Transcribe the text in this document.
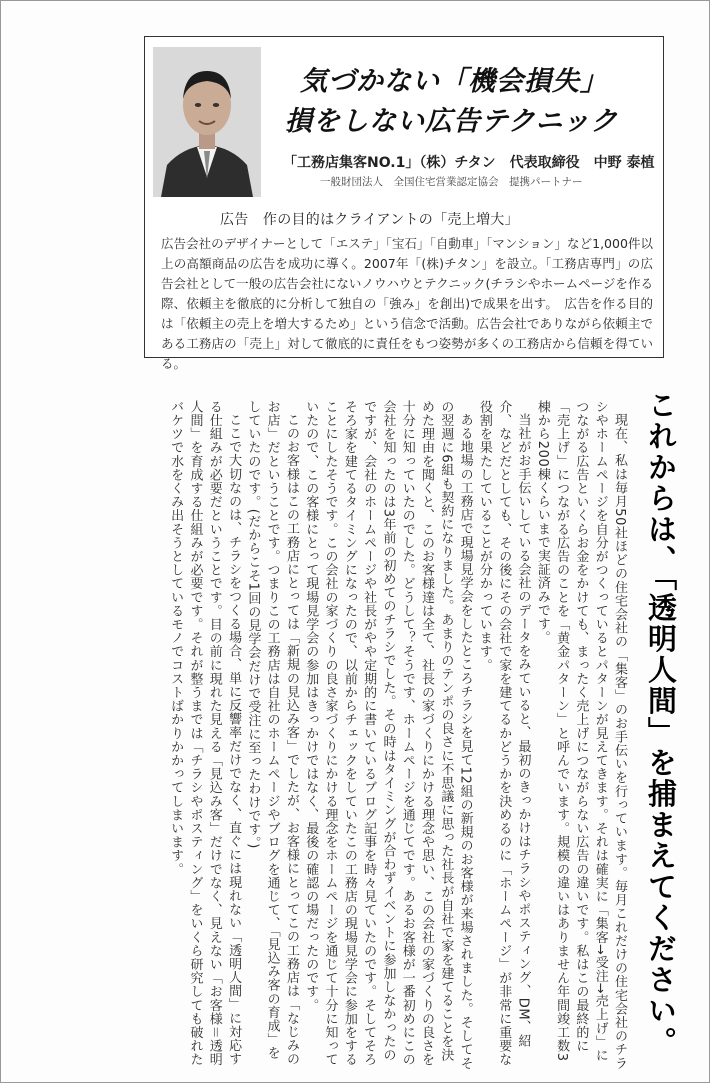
気づかない「機会損失」
損をしない広告テクニック
「工務店集客NO.1」（株）チタン　代表取締役　中野 泰植
一般財団法人　全国住宅営業認定協会　提携パートナー
広告　作の目的はクライアントの「売上増大」
広告会社のデザイナーとして「エステ」「宝石」「自動車」「マンション」など1,000件以上の高額商品の広告を成功に導く。2007年「(株)チタン」を設立。「工務店専門」の広告会社として一般の広告会社にないノウハウとテクニック(チラシやホームページを作る際、依頼主を徹底的に分析して独自の「強み」を創出)で成果を出す。　広告を作る目的は「依頼主の売上を増大するため」という信念で活動。広告会社でありながら依頼主である工務店の「売上」対して徹底的に責任をもつ姿勢が多くの工務店から信頼を得ている。
これからは、「透明人間」を捕まえてください。

現在、私は毎月50社ほどの住宅会社の「集客」のお手伝いを行っています。毎月これだけの住宅会社のチラシやホームページを自分がつくっているとパターンが見えてきます。それは確実に「集客→受注→売上げ」につながる広告といくらお金をかけても、まったく売上げにつながらない広告の違いです。私はこの最終的に「売上げ」につながる広告のことを「黄金パターン」と呼んでいます。規模の違いはありません年間竣工数3棟から200棟くらいまで実証済みです。

当社がお手伝いしている会社のデータをみていると、最初のきっかけはチラシやポスティング、DM、紹介、などだとしても、その後にその会社で家を建てるかどうかを決めるのに「ホームページ」が非常に重要な役割を果たしていることが分かっています。

ある地場の工務店で現場見学会をしたところチラシを見て12組の新規のお客様が来場されました。そしてその翌週に6組も契約になりました。あまりのテンポの良さに不思議に思った社長が自社で家を建てることを決めた理由を聞くと、このお客様達は全て、社長の家づくりにかける理念や思い、この会社の家づくりの良さを十分に知っていたのでした。どうして？そうです、ホームページを通じてです。あるお客様が一番初めにこの会社を知ったのは3年前の初めてのチラシでした。その時はタイミングが合わずイベントに参加しなかったのですが、会社のホームページや社長がやや定期的に書いているブログ記事を時々見ていたのです。そしてそろそろ家を建てるタイミングになったので、以前からチェックをしていたこの工務店の現場見学会に参加をすることにしたそうです。この会社の家づくりの良さ家づくりにかける理念をホームページを通じて十分に知っていたので、この客様にとって現場見学会の参加はきっかけではなく、最後の確認の場だったのです。

このお客様はこの工務店にとっては「新規の見込み客」でしたが、お客様にとってこの工務店は「なじみのお店」だということです。つまりこの工務店は自社のホームページやブログを通じて、「見込み客の育成」をしていたのです。(だからこそ1回の見学会だけで受注に至ったわけです。)

ここで大切なのは、チラシをつくる場合、単に反響率だけでなく、直ぐには現れない「透明人間」に対応する仕組みが必要だということです。目の前に現れた見える「見込み客」だけでなく、見えない「お客様＝透明人間」を育成する仕組みが必要です。それが整うまでは「チラシやポスティング」をいくら研究しても破れたバケツで水をくみ出そうとしているモノでコストばかりかかってしまいます。
